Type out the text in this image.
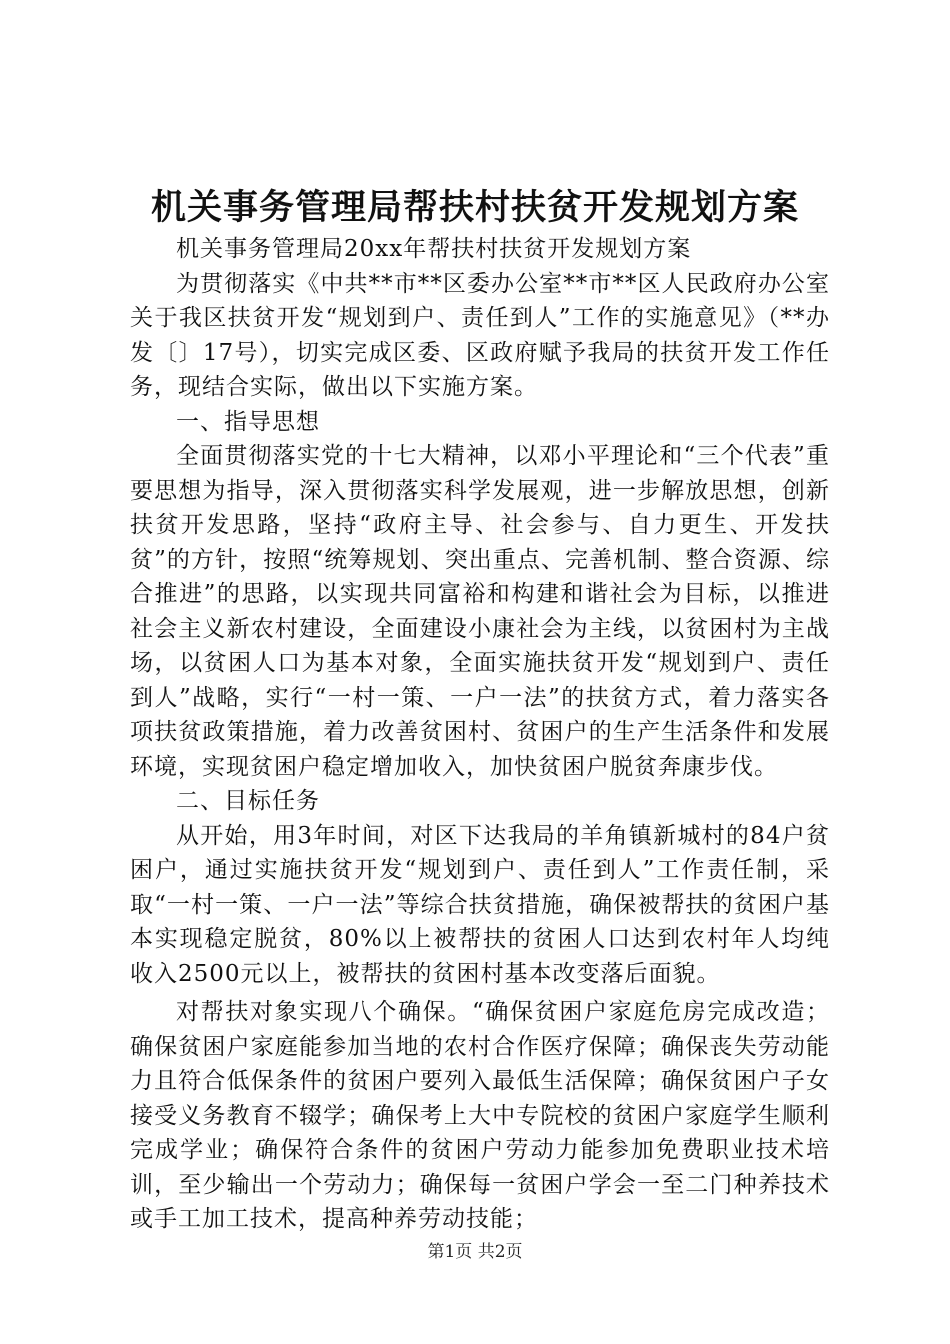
机关事务管理局帮扶村扶贫开发规划方案

机关事务管理局20xx年帮扶村扶贫开发规划方案

为贯彻落实《中共**市**区委办公室**市**区人民政府办公室关于我区扶贫开发“规划到户、责任到人”工作的实施意见》（**办发〔〕17号），切实完成区委、区政府赋予我局的扶贫开发工作任务，现结合实际，做出以下实施方案。

一、指导思想

全面贯彻落实党的十七大精神，以邓小平理论和“三个代表”重要思想为指导，深入贯彻落实科学发展观，进一步解放思想，创新扶贫开发思路，坚持“政府主导、社会参与、自力更生、开发扶贫”的方针，按照“统筹规划、突出重点、完善机制、整合资源、综合推进”的思路，以实现共同富裕和构建和谐社会为目标，以推进社会主义新农村建设，全面建设小康社会为主线，以贫困村为主战场，以贫困人口为基本对象，全面实施扶贫开发“规划到户、责任到人”战略，实行“一村一策、一户一法”的扶贫方式，着力落实各项扶贫政策措施，着力改善贫困村、贫困户的生产生活条件和发展环境，实现贫困户稳定增加收入，加快贫困户脱贫奔康步伐。

二、目标任务

从开始，用3年时间，对区下达我局的羊角镇新城村的84户贫困户，通过实施扶贫开发“规划到户、责任到人”工作责任制，采取“一村一策、一户一法”等综合扶贫措施，确保被帮扶的贫困户基本实现稳定脱贫，80%以上被帮扶的贫困人口达到农村年人均纯收入2500元以上，被帮扶的贫困村基本改变落后面貌。

对帮扶对象实现八个确保。“确保贫困户家庭危房完成改造；确保贫困户家庭能参加当地的农村合作医疗保障；确保丧失劳动能力且符合低保条件的贫困户要列入最低生活保障；确保贫困户子女接受义务教育不辍学；确保考上大中专院校的贫困户家庭学生顺利完成学业；确保符合条件的贫困户劳动力能参加免费职业技术培训，至少输出一个劳动力；确保每一贫困户学会一至二门种养技术或手工加工技术，提高种养劳动技能；

第1页 共2页
